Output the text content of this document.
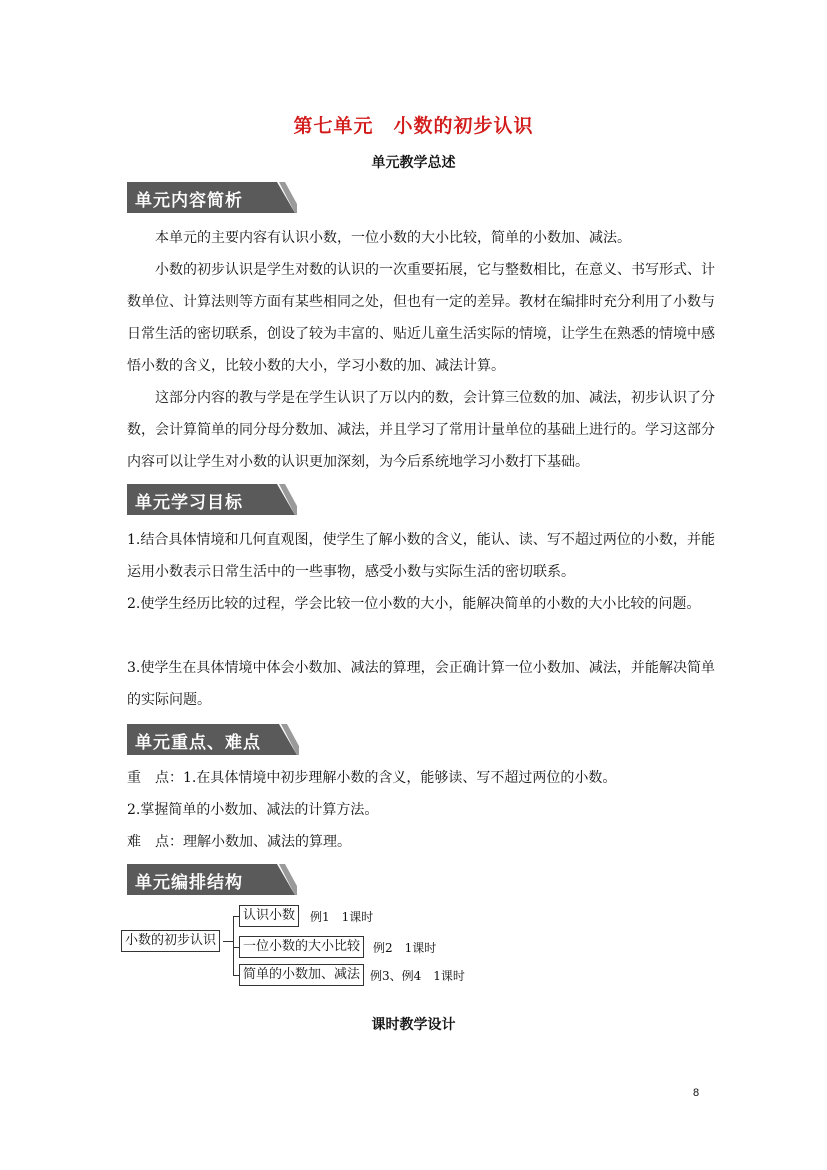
第七单元　小数的初步认识
单元教学总述
单元内容简析

本单元的主要内容有认识小数，一位小数的大小比较，简单的小数加、减法。

小数的初步认识是学生对数的认识的一次重要拓展，它与整数相比，在意义、书写形式、计数单位、计算法则等方面有某些相同之处，但也有一定的差异。教材在编排时充分利用了小数与日常生活的密切联系，创设了较为丰富的、贴近儿童生活实际的情境，让学生在熟悉的情境中感悟小数的含义，比较小数的大小，学习小数的加、减法计算。

这部分内容的教与学是在学生认识了万以内的数，会计算三位数的加、减法，初步认识了分数，会计算简单的同分母分数加、减法，并且学习了常用计量单位的基础上进行的。学习这部分内容可以让学生对小数的认识更加深刻，为今后系统地学习小数打下基础。

单元学习目标

1.结合具体情境和几何直观图，使学生了解小数的含义，能认、读、写不超过两位的小数，并能运用小数表示日常生活中的一些事物，感受小数与实际生活的密切联系。

2.使学生经历比较的过程，学会比较一位小数的大小，能解决简单的小数的大小比较的问题。

3.使学生在具体情境中体会小数加、减法的算理，会正确计算一位小数加、减法，并能解决简单的实际问题。

单元重点、难点

重　点：1.在具体情境中初步理解小数的含义，能够读、写不超过两位的小数。

2.掌握简单的小数加、减法的计算方法。

难　点：理解小数加、减法的算理。

单元编排结构
小数的初步认识
认识小数	例1　1课时
一位小数的大小比较	例2　1课时
简单的小数加、减法 例3、例4　1课时
课时教学设计
8
